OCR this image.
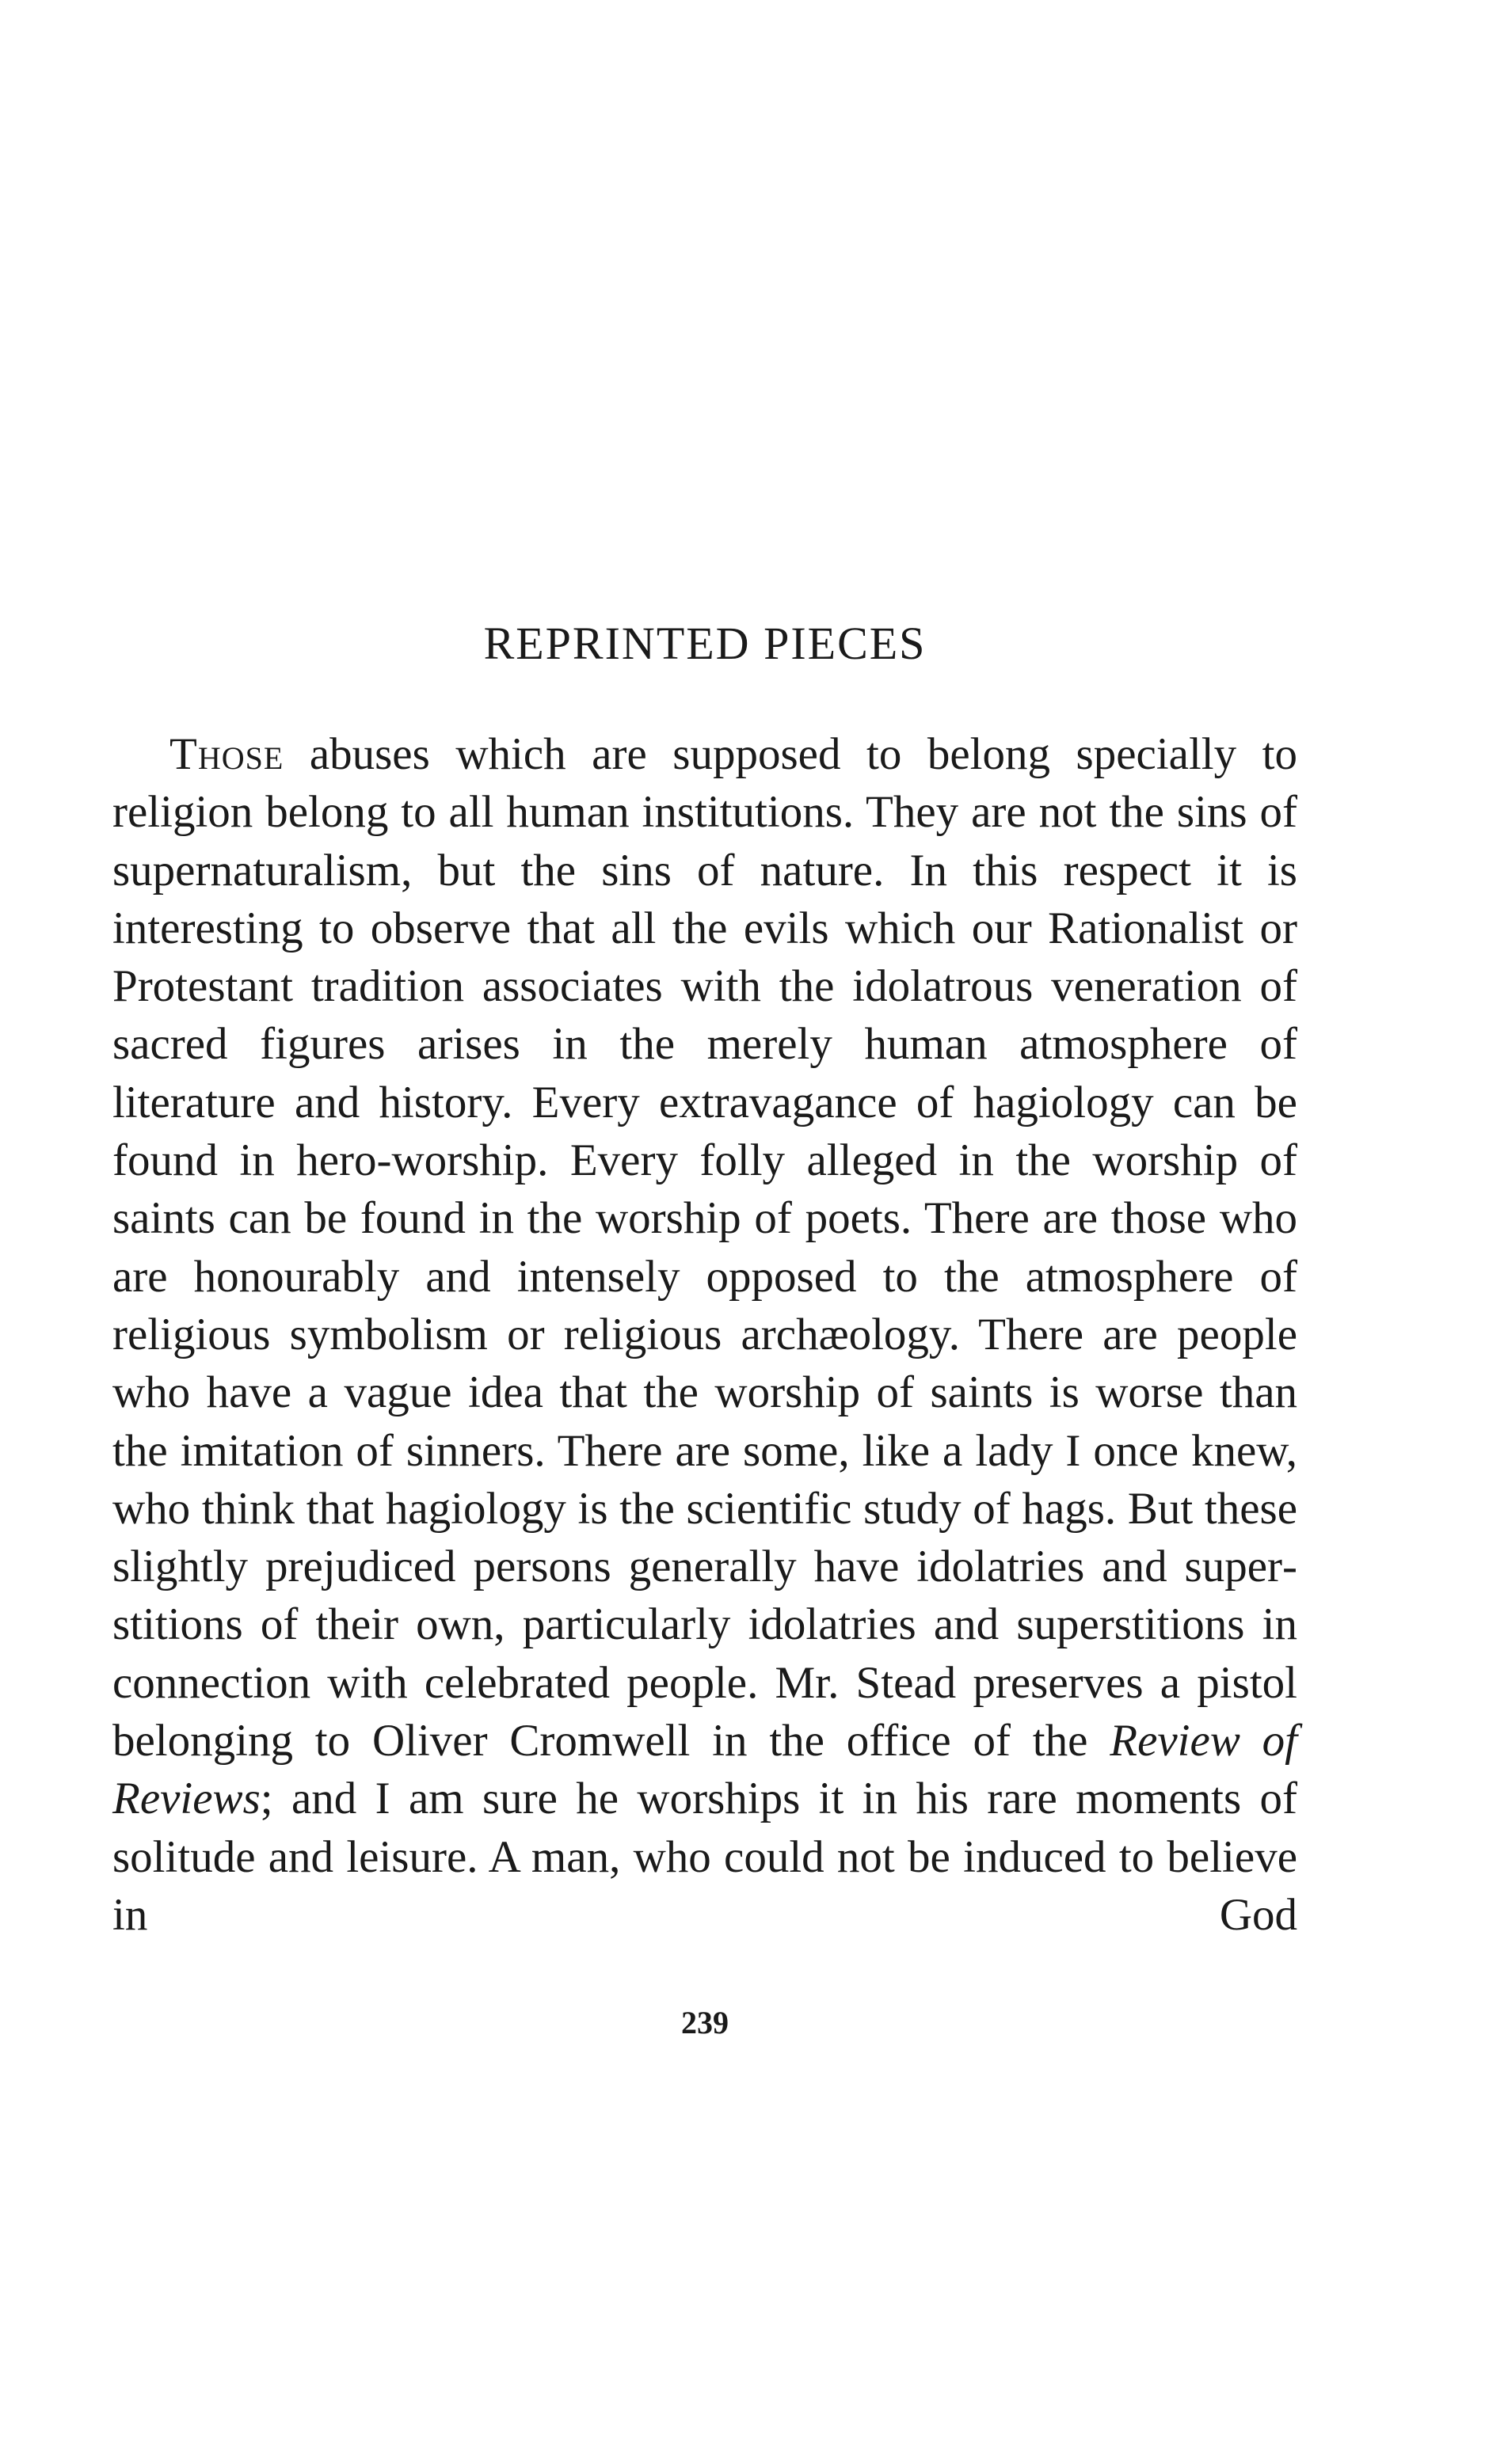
REPRINTED PIECES

Those abuses which are supposed to belong specially to religion belong to all human institutions. They are not the sins of supernaturalism, but the sins of nature. In this respect it is interesting to observe that all the evils which our Rationalist or Protestant tradition associates with the idolatrous veneration of sacred figures arises in the merely human atmosphere of literature and history. Every extravagance of hagiology can be found in hero-worship. Every folly alleged in the worship of saints can be found in the worship of poets. There are those who are honourably and intensely opposed to the atmosphere of religious symbolism or religious archæology. There are people who have a vague idea that the worship of saints is worse than the imitation of sinners. There are some, like a lady I once knew, who think that hagiology is the scientific study of hags. But these slightly prejudiced persons generally have idolatries and superstitions of their own, particularly idolatries and superstitions in connection with celebrated people. Mr. Stead preserves a pistol belonging to Oliver Cromwell in the office of the Review of Reviews; and I am sure he worships it in his rare moments of solitude and leisure. A man, who could not be induced to believe in God

239
